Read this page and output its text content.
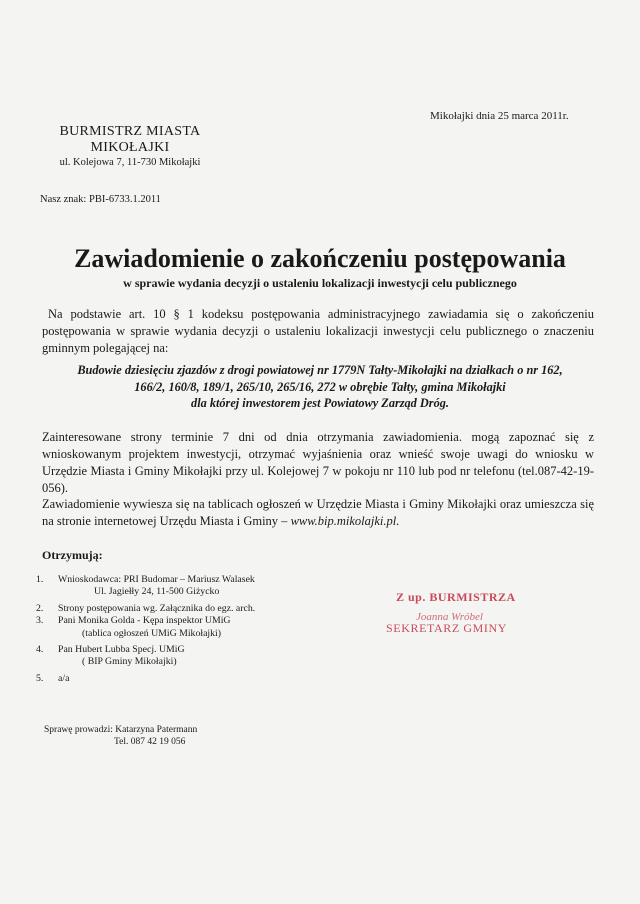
Mikołajki dnia 25 marca 2011r.
BURMISTRZ MIASTA
MIKOŁAJKI
ul. Kolejowa 7, 11-730 Mikołajki
Nasz znak: PBI-6733.1.2011
Zawiadomienie o zakończeniu postępowania
w sprawie wydania decyzji o ustaleniu lokalizacji inwestycji celu publicznego
Na podstawie art. 10 § 1 kodeksu postępowania administracyjnego zawiadamia się o zakończeniu postępowania w sprawie wydania decyzji o ustaleniu lokalizacji inwestycji celu publicznego o znaczeniu gminnym polegającej na:
Budowie dziesięciu zjazdów z drogi powiatowej nr 1779N Tałty-Mikołajki na działkach o nr 162,
166/2, 160/8, 189/1, 265/10, 265/16, 272 w obrębie Tałty, gmina Mikołajki
dla której inwestorem jest Powiatowy Zarząd Dróg.
Zainteresowane strony terminie 7 dni od dnia otrzymania zawiadomienia. mogą zapoznać się z wnioskowanym projektem inwestycji, otrzymać wyjaśnienia oraz wnieść swoje uwagi do wniosku w Urzędzie Miasta i Gminy Mikołajki przy ul. Kolejowej 7 w pokoju nr 110 lub pod nr telefonu (tel.087-42-19-056).
Zawiadomienie wywiesza się na tablicach ogłoszeń w Urzędzie Miasta i Gminy Mikołajki oraz umieszcza się na stronie internetowej Urzędu Miasta i Gminy – www.bip.mikolajki.pl.
Otrzymują:
1.	Wnioskodawca: PRI Budomar – Mariusz Walasek
Ul. Jagiełły 24, 11-500 Giżycko
2.	Strony postępowania wg. Załącznika do egz. arch.
3.	Pani Monika Golda - Kępa inspektor UMiG
(tablica ogłoszeń UMiG Mikołajki)
4.	Pan Hubert Lubba Specj. UMiG
( BIP Gminy Mikołajki)
5.	a/a
Sprawę prowadzi: Katarzyna Patermann
Tel. 087 42 19 056
Z up. BURMISTRZA
Joanna Wróbel
SEKRETARZ GMINY
